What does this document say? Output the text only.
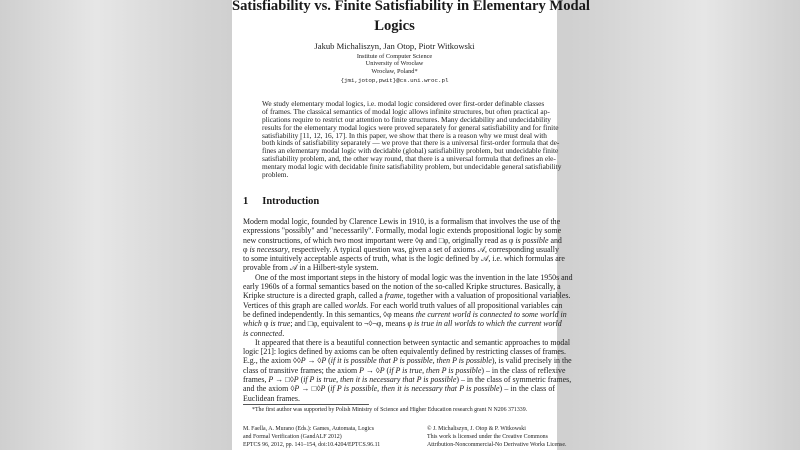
Satisfiability vs. Finite Satisfiability in Elementary Modal
Logics
Jakub Michaliszyn, Jan Otop, Piotr Witkowski
Institute of Computer Science
University of Wrocław
Wrocław, Poland*
{jmi,jotop,pwit}@cs.uni.wroc.pl
We study elementary modal logics, i.e. modal logic considered over first-order definable classes
of frames. The classical semantics of modal logic allows infinite structures, but often practical ap-
plications require to restrict our attention to finite structures. Many decidability and undecidability
results for the elementary modal logics were proved separately for general satisfiability and for finite
satisfiability [11, 12, 16, 17]. In this paper, we show that there is a reason why we must deal with
both kinds of satisfiability separately — we prove that there is a universal first-order formula that de-
fines an elementary modal logic with decidable (global) satisfiability problem, but undecidable finite
satisfiability problem, and, the other way round, that there is a universal formula that defines an ele-
mentary modal logic with decidable finite satisfiability problem, but undecidable general satisfiability
problem.
1 Introduction
Modern modal logic, founded by Clarence Lewis in 1910, is a formalism that involves the use of the
expressions "possibly" and "necessarily". Formally, modal logic extends propositional logic by some
new constructions, of which two most important were ◊φ and □φ, originally read as φ is possible and
φ is necessary, respectively. A typical question was, given a set of axioms 𝒜, corresponding usually
to some intuitively acceptable aspects of truth, what is the logic defined by 𝒜, i.e. which formulas are
provable from 𝒜 in a Hilbert-style system.
One of the most important steps in the history of modal logic was the invention in the late 1950s and
early 1960s of a formal semantics based on the notion of the so-called Kripke structures. Basically, a
Kripke structure is a directed graph, called a frame, together with a valuation of propositional variables.
Vertices of this graph are called worlds. For each world truth values of all propositional variables can
be defined independently. In this semantics, ◊φ means the current world is connected to some world in
which φ is true; and □φ, equivalent to ¬◊¬φ, means φ is true in all worlds to which the current world
is connected.
It appeared that there is a beautiful connection between syntactic and semantic approaches to modal
logic [21]: logics defined by axioms can be often equivalently defined by restricting classes of frames.
E.g., the axiom ◊◊P → ◊P (if it is possible that P is possible, then P is possible), is valid precisely in the
class of transitive frames; the axiom P → ◊P (if P is true, then P is possible) – in the class of reflexive
frames, P → □◊P (if P is true, then it is necessary that P is possible) – in the class of symmetric frames,
and the axiom ◊P → □◊P (if P is possible, then it is necessary that P is possible) – in the class of
Euclidean frames.
*The first author was supported by Polish Ministry of Science and Higher Education research grant N N206 371339.
M. Faella, A. Murano (Eds.): Games, Automata, Logics
and Formal Verification (GandALF 2012)
EPTCS 96, 2012, pp. 141–154, doi:10.4204/EPTCS.96.11
© J. Michaliszyn, J. Otop & P. Witkowski
This work is licensed under the Creative Commons
Attribution-Noncommercial-No Derivative Works License.
